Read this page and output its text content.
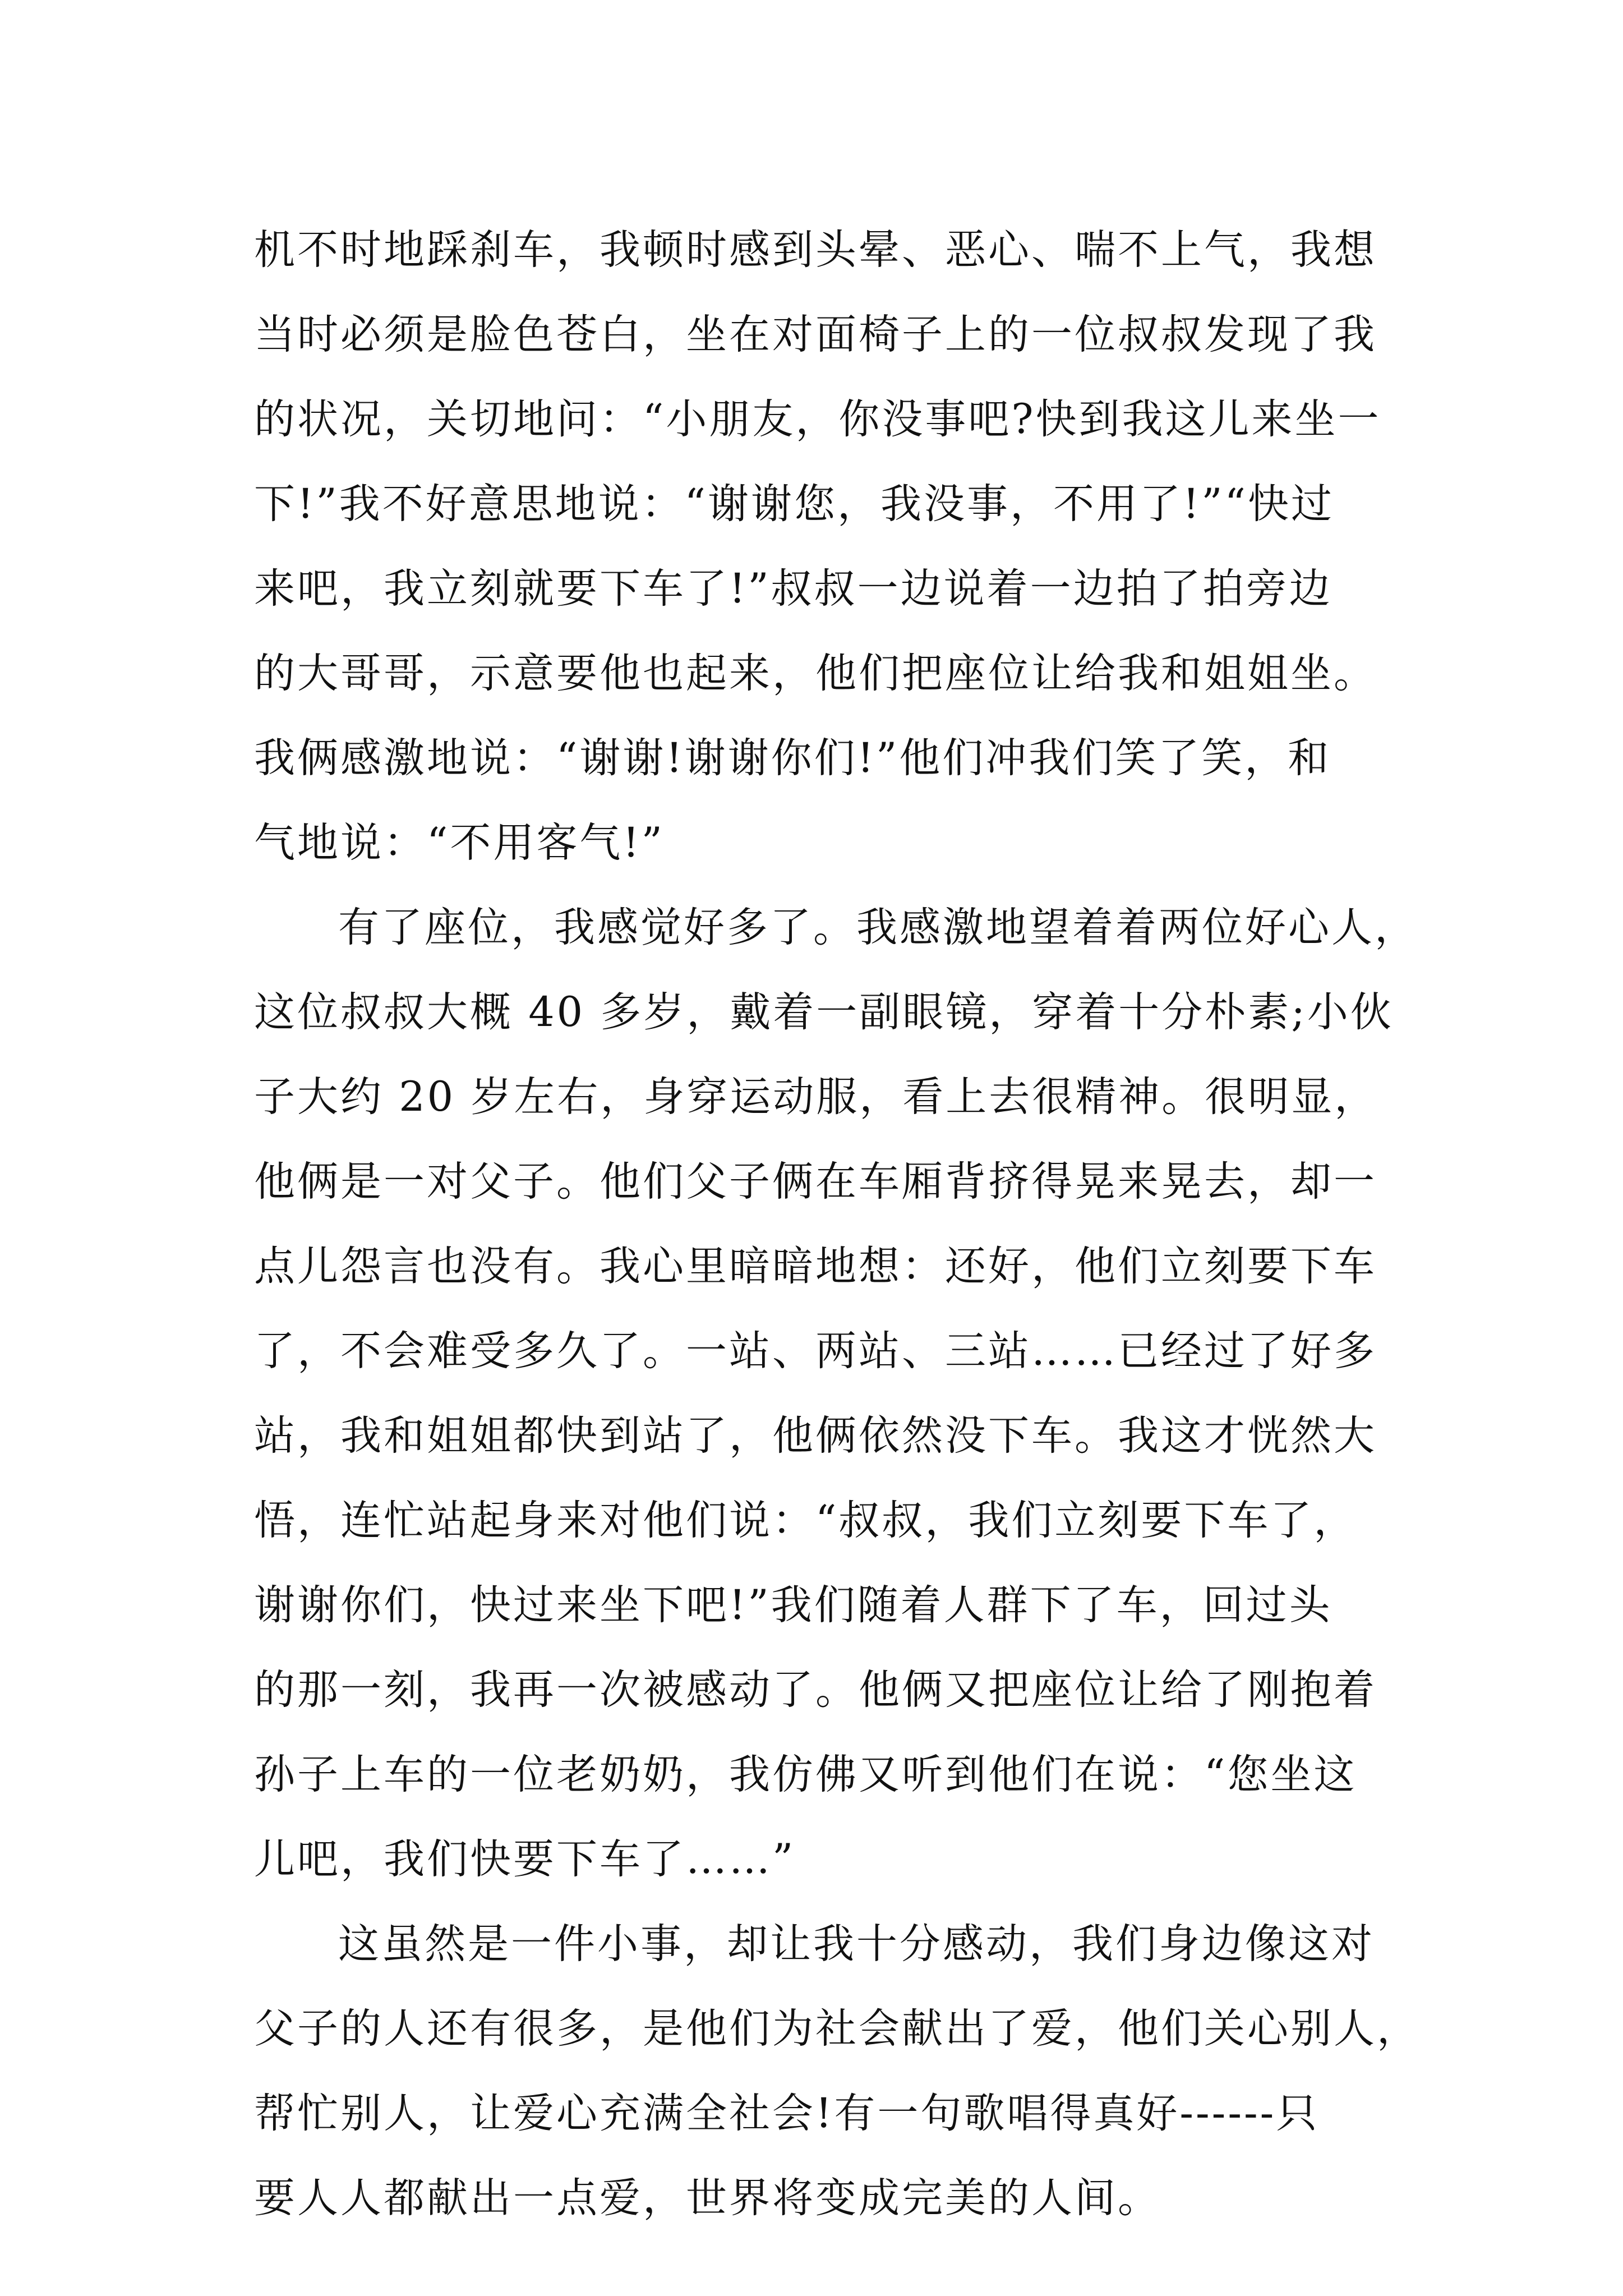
机不时地踩刹车，我顿时感到头晕、恶心、喘不上气，我想
当时必须是脸色苍白，坐在对面椅子上的一位叔叔发现了我
的状况，关切地问：“小朋友，你没事吧?快到我这儿来坐一
下!”我不好意思地说：“谢谢您，我没事，不用了!”“快过
来吧，我立刻就要下车了!”叔叔一边说着一边拍了拍旁边
的大哥哥，示意要他也起来，他们把座位让给我和姐姐坐。
我俩感激地说：“谢谢!谢谢你们!”他们冲我们笑了笑，和
气地说：“不用客气!”
有了座位，我感觉好多了。我感激地望着着两位好心人，
这位叔叔大概 40 多岁，戴着一副眼镜，穿着十分朴素;小伙
子大约 20 岁左右，身穿运动服，看上去很精神。很明显，
他俩是一对父子。他们父子俩在车厢背挤得晃来晃去，却一
点儿怨言也没有。我心里暗暗地想：还好，他们立刻要下车
了，不会难受多久了。一站、两站、三站……已经过了好多
站，我和姐姐都快到站了，他俩依然没下车。我这才恍然大
悟，连忙站起身来对他们说：“叔叔，我们立刻要下车了，
谢谢你们，快过来坐下吧!”我们随着人群下了车，回过头
的那一刻，我再一次被感动了。他俩又把座位让给了刚抱着
孙子上车的一位老奶奶，我仿佛又听到他们在说：“您坐这
儿吧，我们快要下车了……”
这虽然是一件小事，却让我十分感动，我们身边像这对
父子的人还有很多，是他们为社会献出了爱，他们关心别人，
帮忙别人，让爱心充满全社会!有一句歌唱得真好------只
要人人都献出一点爱，世界将变成完美的人间。
